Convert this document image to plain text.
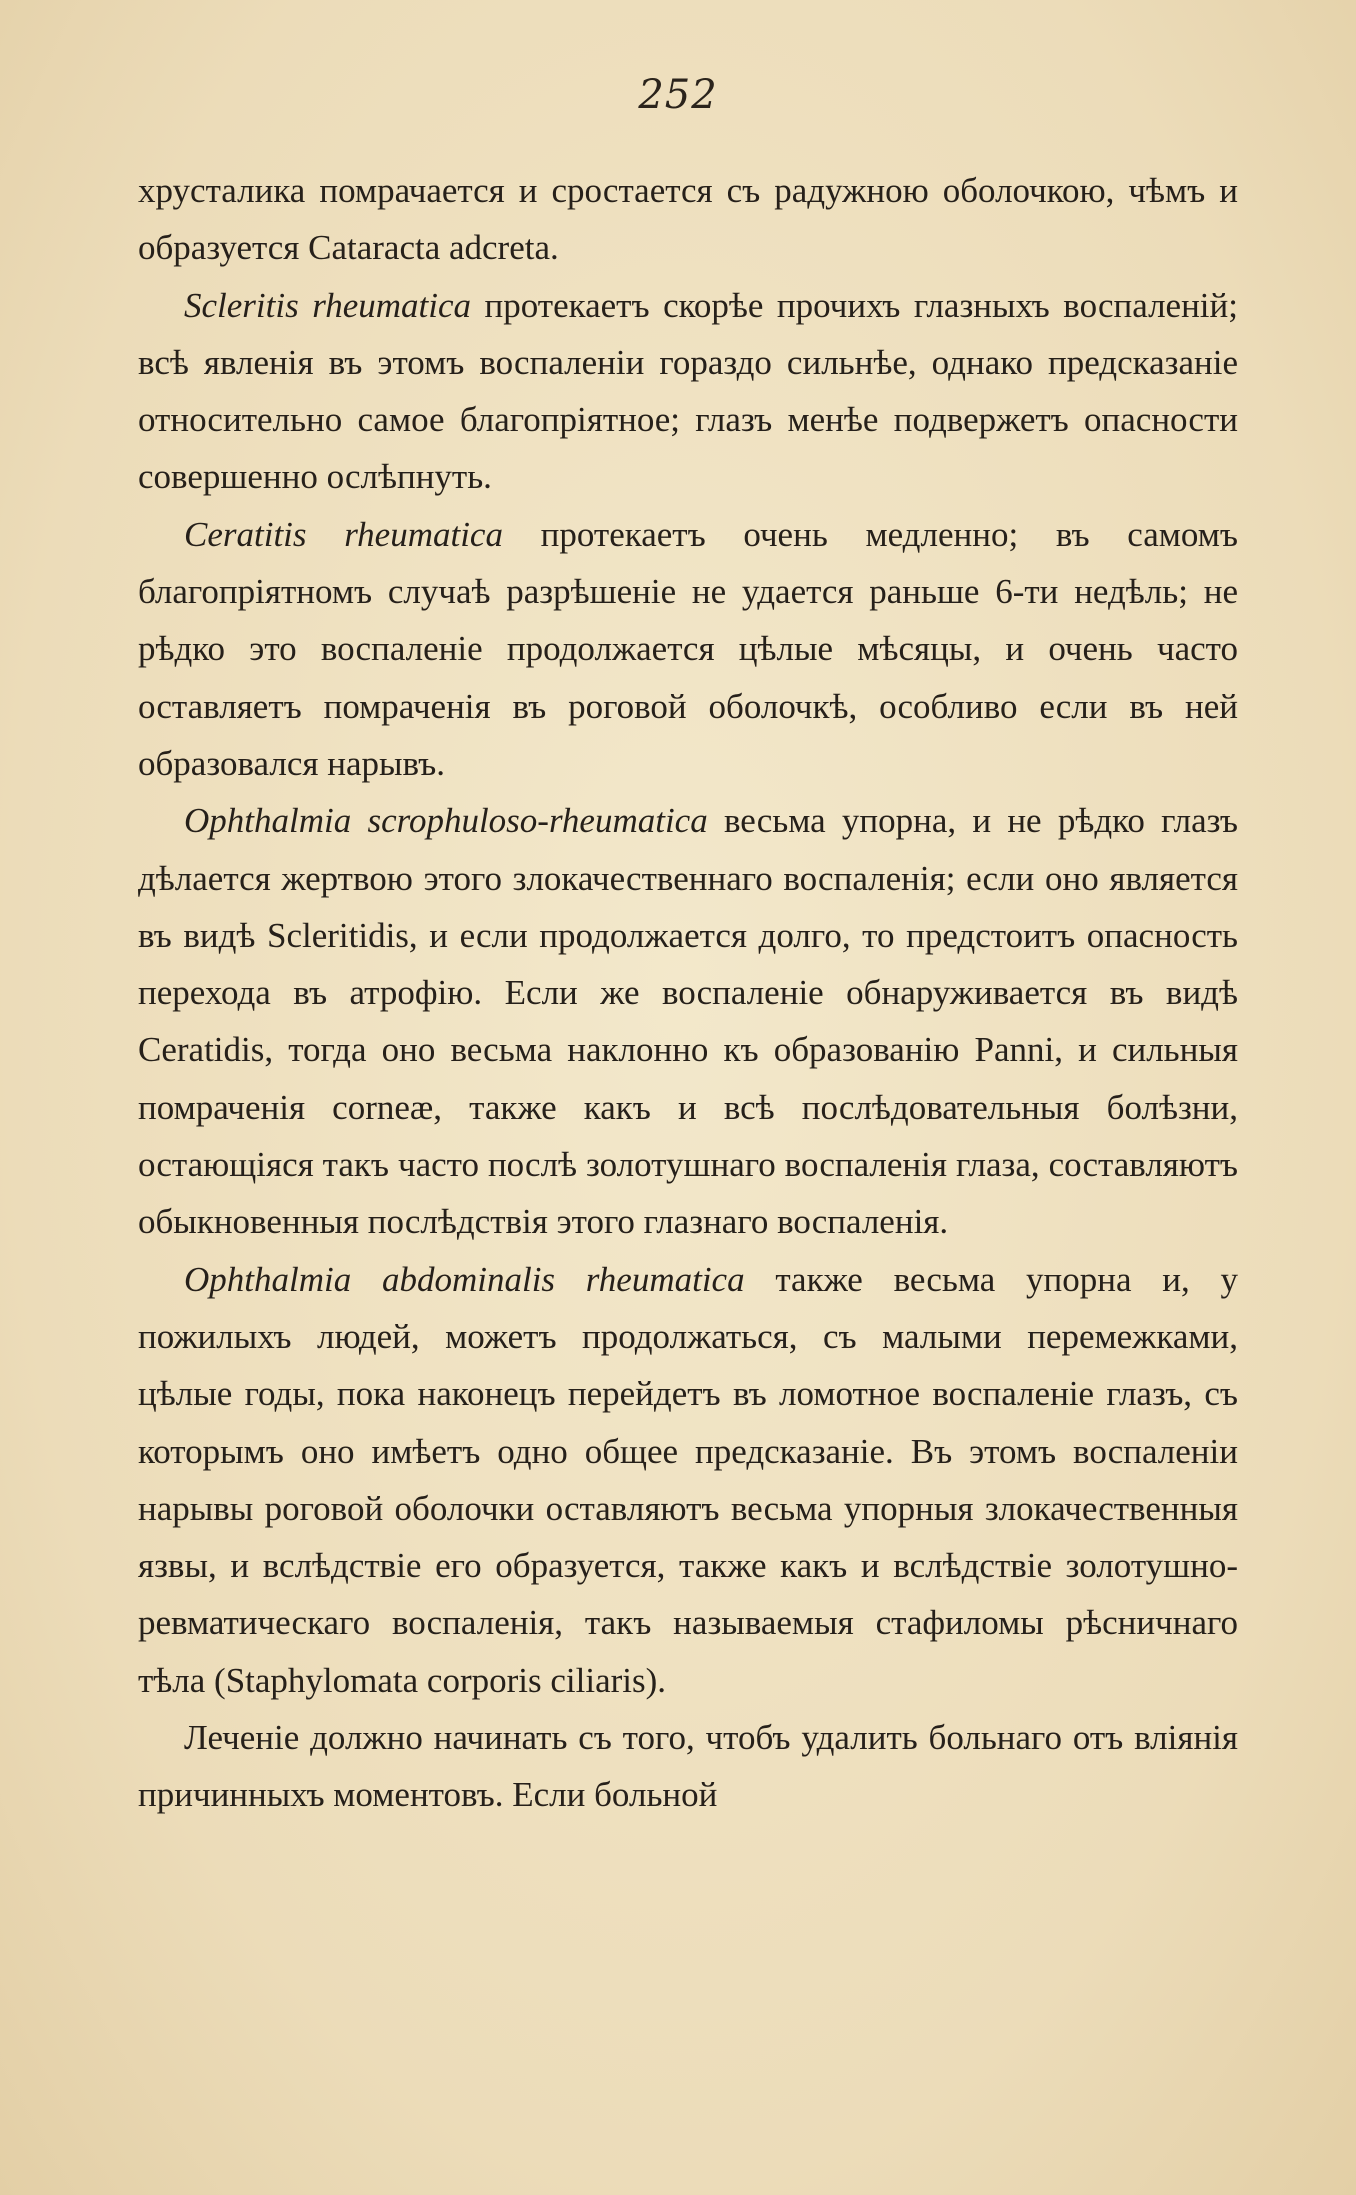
252

хрусталика помрачается и сростается съ радужною оболочкою, чѣмъ и образуется Cataracta adcreta.

Scleritis rheumatica протекаетъ скорѣе прочихъ глазныхъ воспаленій; всѣ явленія въ этомъ воспаленіи гораздо сильнѣе, однако предсказаніе относительно самое благопріятное; глазъ менѣе подвержетъ опасности совершенно ослѣпнуть.

Ceratitis rheumatica протекаетъ очень медленно; въ самомъ благопріятномъ случаѣ разрѣшеніе не удается раньше 6-ти недѣль; не рѣдко это воспаленіе продолжается цѣлые мѣсяцы, и очень часто оставляетъ помраченія въ роговой оболочкѣ, особливо если въ ней образовался нарывъ.

Ophthalmia scrophuloso-rheumatica весьма упорна, и не рѣдко глазъ дѣлается жертвою этого злокачественнаго воспаленія; если оно является въ видѣ Scleritidis, и если продолжается долго, то предстоитъ опасность перехода въ атрофію. Если же воспаленіе обнаруживается въ видѣ Ceratidis, тогда оно весьма наклонно къ образованію Panni, и сильныя помраченія corneæ, также какъ и всѣ послѣдовательныя болѣзни, остающіяся такъ часто послѣ золотушнаго воспаленія глаза, составляютъ обыкновенныя послѣдствія этого глазнаго воспаленія.

Ophthalmia abdominalis rheumatica также весьма упорна и, у пожилыхъ людей, можетъ продолжаться, съ малыми перемежками, цѣлые годы, пока наконецъ перейдетъ въ ломотное воспаленіе глазъ, съ которымъ оно имѣетъ одно общее предсказаніе. Въ этомъ воспаленіи нарывы роговой оболочки оставляютъ весьма упорныя злокачественныя язвы, и вслѣдствіе его образуется, также какъ и вслѣдствіе золотушно-ревматическаго воспаленія, такъ называемыя стафиломы рѣсничнаго тѣла (Staphylomata corporis ciliaris).

Леченіе должно начинать съ того, чтобъ удалить больнаго отъ вліянія причинныхъ моментовъ. Если больной
